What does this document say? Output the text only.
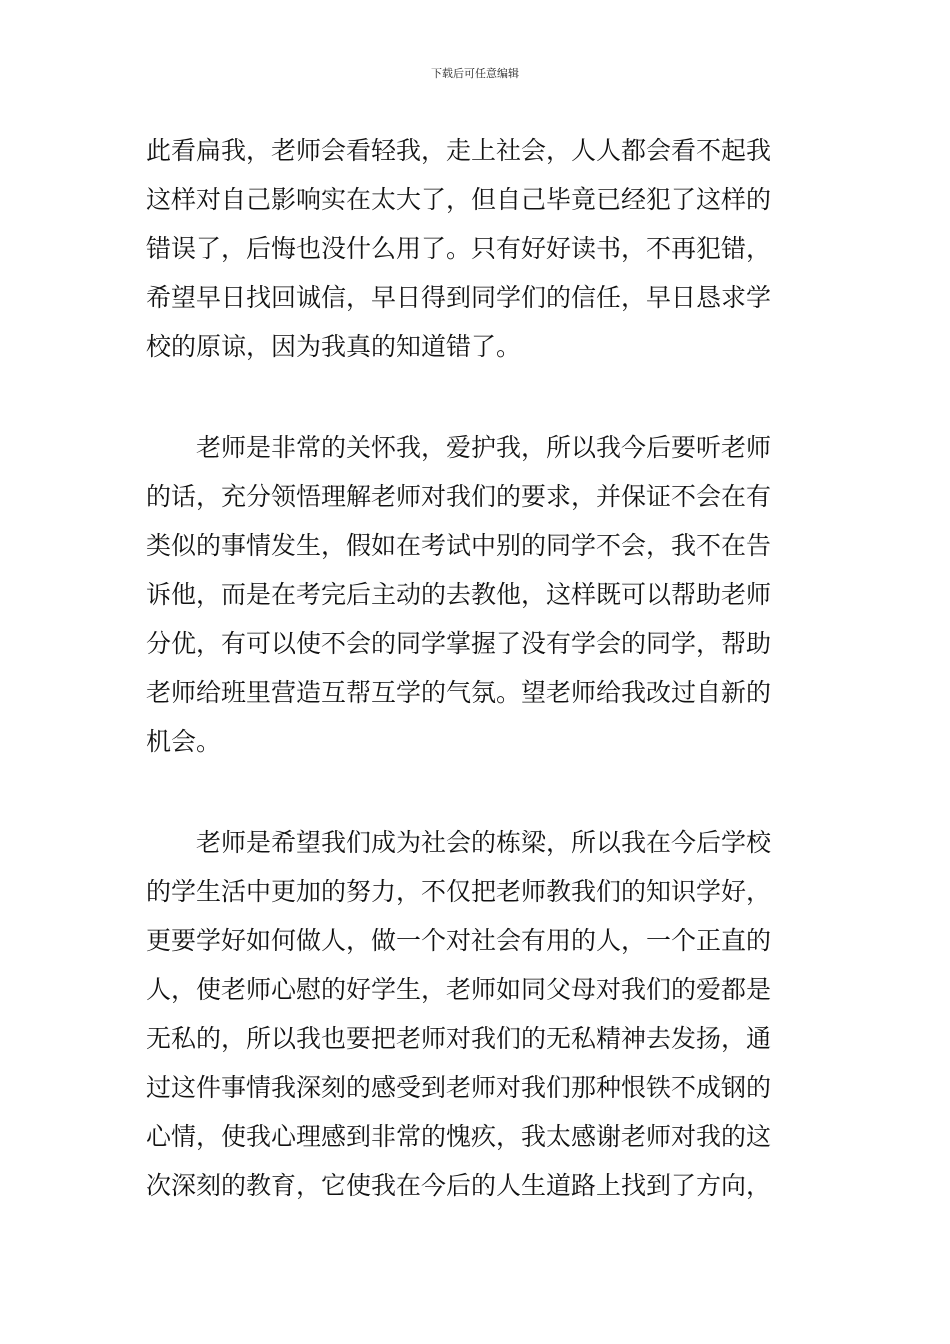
下载后可任意编辑
此看扁我，老师会看轻我，走上社会，人人都会看不起我
这样对自己影响实在太大了，但自己毕竟已经犯了这样的
错误了，后悔也没什么用了。只有好好读书，不再犯错，
希望早日找回诚信，早日得到同学们的信任，早日恳求学
校的原谅，因为我真的知道错了。
老师是非常的关怀我，爱护我，所以我今后要听老师
的话，充分领悟理解老师对我们的要求，并保证不会在有
类似的事情发生，假如在考试中别的同学不会，我不在告
诉他，而是在考完后主动的去教他，这样既可以帮助老师
分优，有可以使不会的同学掌握了没有学会的同学，帮助
老师给班里营造互帮互学的气氛。望老师给我改过自新的
机会。
老师是希望我们成为社会的栋梁，所以我在今后学校
的学生活中更加的努力，不仅把老师教我们的知识学好，
更要学好如何做人，做一个对社会有用的人，一个正直的
人，使老师心慰的好学生，老师如同父母对我们的爱都是
无私的，所以我也要把老师对我们的无私精神去发扬，通
过这件事情我深刻的感受到老师对我们那种恨铁不成钢的
心情，使我心理感到非常的愧疚，我太感谢老师对我的这
次深刻的教育，它使我在今后的人生道路上找到了方向，
